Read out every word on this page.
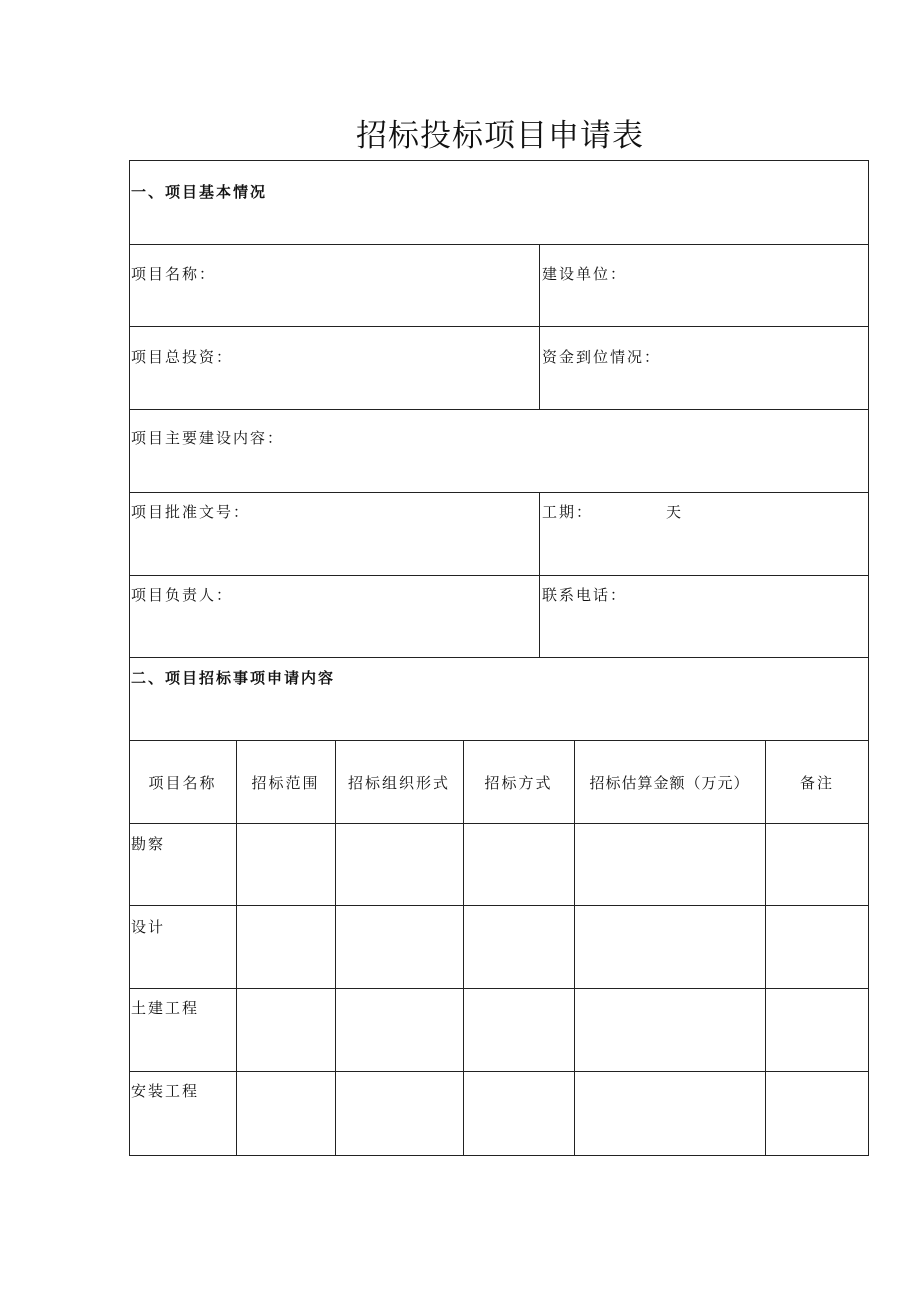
招标投标项目申请表
一、项目基本情况
项目名称：	建设单位：
项目总投资：	资金到位情况：
项目主要建设内容：
项目批准文号：	工期：	天
项目负责人：	联系电话：
二、项目招标事项申请内容
项目名称	招标范围	招标组织形式	招标方式	招标估算金额（万元）	备注
勘察
设计
土建工程
安装工程
